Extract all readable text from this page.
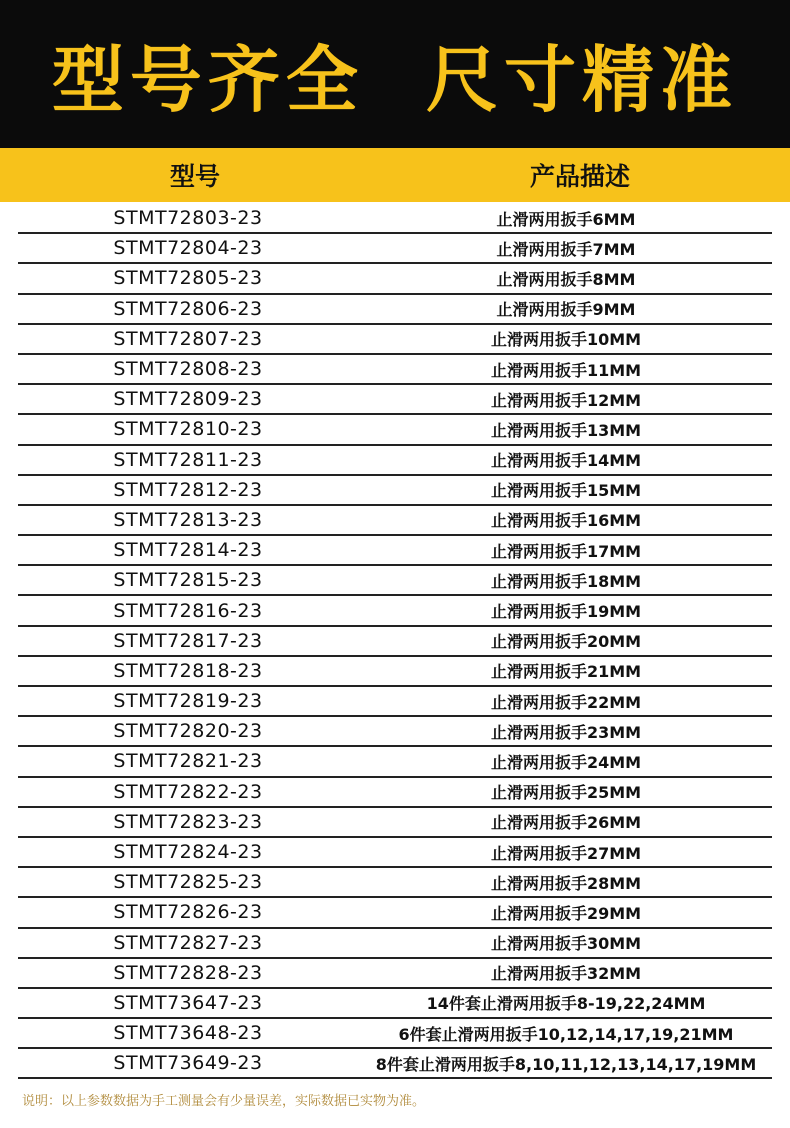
型号齐全  尺寸精准
型号	产品描述
STMT72803-23	止滑两用扳手6MM
STMT72804-23	止滑两用扳手7MM
STMT72805-23	止滑两用扳手8MM
STMT72806-23	止滑两用扳手9MM
STMT72807-23	止滑两用扳手10MM
STMT72808-23	止滑两用扳手11MM
STMT72809-23	止滑两用扳手12MM
STMT72810-23	止滑两用扳手13MM
STMT72811-23	止滑两用扳手14MM
STMT72812-23	止滑两用扳手15MM
STMT72813-23	止滑两用扳手16MM
STMT72814-23	止滑两用扳手17MM
STMT72815-23	止滑两用扳手18MM
STMT72816-23	止滑两用扳手19MM
STMT72817-23	止滑两用扳手20MM
STMT72818-23	止滑两用扳手21MM
STMT72819-23	止滑两用扳手22MM
STMT72820-23	止滑两用扳手23MM
STMT72821-23	止滑两用扳手24MM
STMT72822-23	止滑两用扳手25MM
STMT72823-23	止滑两用扳手26MM
STMT72824-23	止滑两用扳手27MM
STMT72825-23	止滑两用扳手28MM
STMT72826-23	止滑两用扳手29MM
STMT72827-23	止滑两用扳手30MM
STMT72828-23	止滑两用扳手32MM
STMT73647-23	14件套止滑两用扳手8-19,22,24MM
STMT73648-23	6件套止滑两用扳手10,12,14,17,19,21MM
STMT73649-23	8件套止滑两用扳手8,10,11,12,13,14,17,19MM
说明：以上参数数据为手工测量会有少量误差，实际数据已实物为准。
